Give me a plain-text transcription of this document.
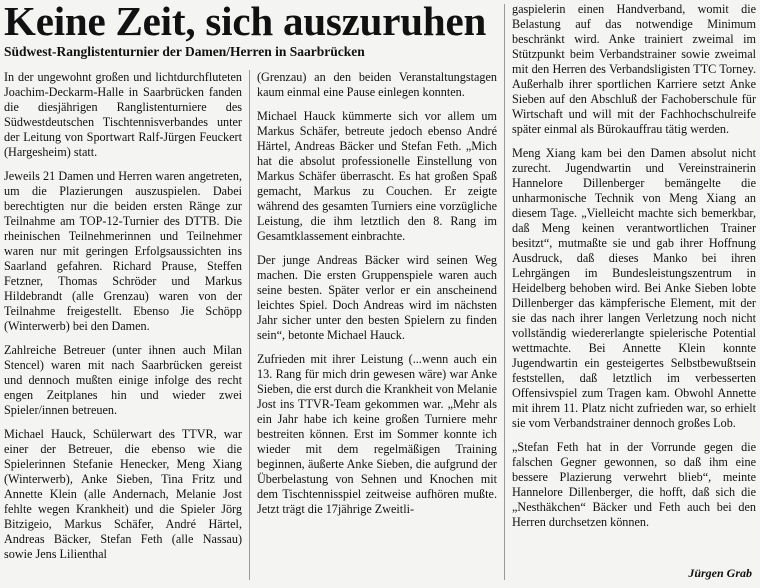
Keine Zeit, sich auszuruhen
Südwest-Ranglistenturnier der Damen/Herren in Saarbrücken

In der ungewohnt großen und lichtdurchfluteten Joachim-Deckarm-Halle in Saarbrücken fanden die diesjährigen Ranglistenturniere des Südwestdeutschen Tischtennisverbandes unter der Leitung von Sportwart Ralf-Jürgen Feuckert (Hargesheim) statt.

Jeweils 21 Damen und Herren waren angetreten, um die Plazierungen auszuspielen. Dabei berechtigten nur die beiden ersten Ränge zur Teilnahme am TOP-12-Turnier des DTTB. Die rheinischen Teilnehmerinnen und Teilnehmer waren nur mit geringen Erfolgsaussichten ins Saarland gefahren. Richard Prause, Steffen Fetzner, Thomas Schröder und Markus Hildebrandt (alle Grenzau) waren von der Teilnahme freigestellt. Ebenso Jie Schöpp (Winterwerb) bei den Damen.

Zahlreiche Betreuer (unter ihnen auch Milan Stencel) waren mit nach Saarbrücken gereist und dennoch mußten einige infolge des recht engen Zeitplanes hin und wieder zwei Spieler/innen betreuen.

Michael Hauck, Schülerwart des TTVR, war einer der Betreuer, die ebenso wie die Spielerinnen Stefanie Henecker, Meng Xiang (Winterwerb), Anke Sieben, Tina Fritz und Annette Klein (alle Andernach, Melanie Jost fehlte wegen Krankheit) und die Spieler Jörg Bitzigeio, Markus Schäfer, André Härtel, Andreas Bäcker, Stefan Feth (alle Nassau) sowie Jens Lilienthal

(Grenzau) an den beiden Veranstaltungstagen kaum einmal eine Pause einlegen konnten.

Michael Hauck kümmerte sich vor allem um Markus Schäfer, betreute jedoch ebenso André Härtel, Andreas Bäcker und Stefan Feth. „Mich hat die absolut professionelle Einstellung von Markus Schäfer überrascht. Es hat großen Spaß gemacht, Markus zu Couchen. Er zeigte während des gesamten Turniers eine vorzügliche Leistung, die ihm letztlich den 8. Rang im Gesamtklassement einbrachte.

Der junge Andreas Bäcker wird seinen Weg machen. Die ersten Gruppenspiele waren auch seine besten. Später verlor er ein anscheinend leichtes Spiel. Doch Andreas wird im nächsten Jahr sicher unter den besten Spielern zu finden sein“, betonte Michael Hauck.

Zufrieden mit ihrer Leistung (...wenn auch ein 13. Rang für mich drin gewesen wäre) war Anke Sieben, die erst durch die Krankheit von Melanie Jost ins TTVR-Team gekommen war. „Mehr als ein Jahr habe ich keine großen Turniere mehr bestreiten können. Erst im Sommer konnte ich wieder mit dem regelmäßigen Training beginnen, äußerte Anke Sieben, die aufgrund der Überbelastung von Sehnen und Knochen mit dem Tischtennisspiel zeitweise aufhören mußte. Jetzt trägt die 17jährige Zweitli-

gaspielerin einen Handverband, womit die Belastung auf das notwendige Minimum beschränkt wird. Anke trainiert zweimal im Stützpunkt beim Verbandstrainer sowie zweimal mit den Herren des Verbandsligisten TTC Torney. Außerhalb ihrer sportlichen Karriere setzt Anke Sieben auf den Abschluß der Fachoberschule für Wirtschaft und will mit der Fachhochschulreife später einmal als Bürokauffrau tätig werden.

Meng Xiang kam bei den Damen absolut nicht zurecht. Jugendwartin und Vereinstrainerin Hannelore Dillenberger bemängelte die unharmonische Technik von Meng Xiang an diesem Tage. „Vielleicht machte sich bemerkbar, daß Meng keinen verantwortlichen Trainer besitzt“, mutmaßte sie und gab ihrer Hoffnung Ausdruck, daß dieses Manko bei ihren Lehrgängen im Bundesleistungszentrum in Heidelberg behoben wird. Bei Anke Sieben lobte Dillenberger das kämpferische Element, mit der sie das nach ihrer langen Verletzung noch nicht vollständig wiedererlangte spielerische Potential wettmachte. Bei Annette Klein konnte Jugendwartin ein gesteigertes Selbstbewußtsein feststellen, daß letztlich im verbesserten Offensivspiel zum Tragen kam. Obwohl Annette mit ihrem 11. Platz nicht zufrieden war, so erhielt sie vom Verbandstrainer dennoch großes Lob.

„Stefan Feth hat in der Vorrunde gegen die falschen Gegner gewonnen, so daß ihm eine bessere Plazierung verwehrt blieb“, meinte Hannelore Dillenberger, die hofft, daß sich die „Nesthäkchen“ Bäcker und Feth auch bei den Herren durchsetzen können.

Jürgen Grab
